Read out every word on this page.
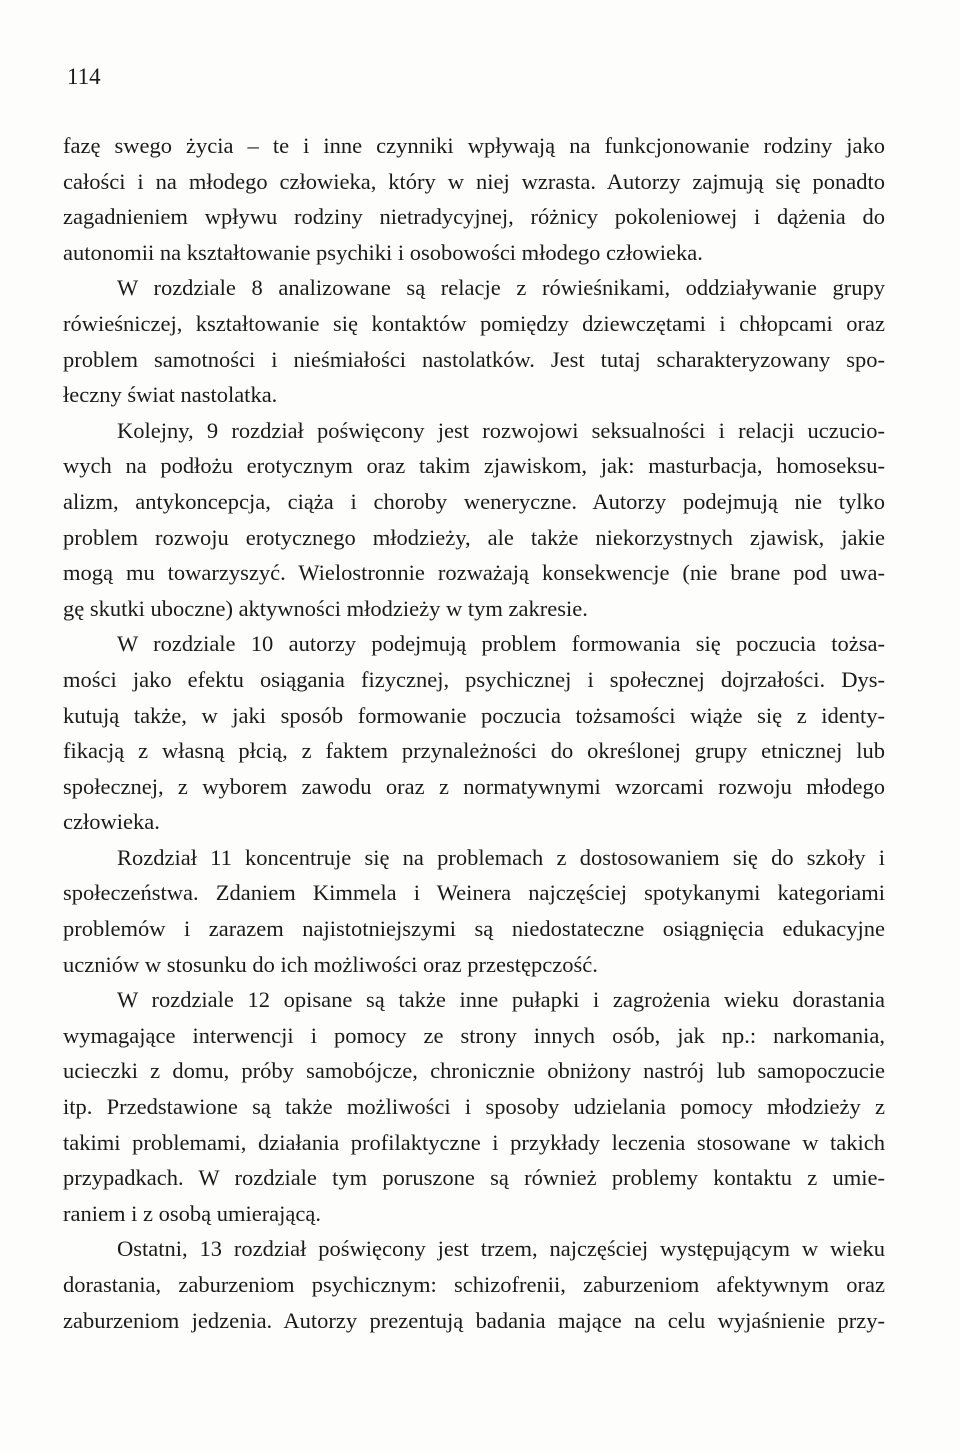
114
fazę swego życia – te i inne czynniki wpływają na funkcjonowanie rodziny jako
całości i na młodego człowieka, który w niej wzrasta. Autorzy zajmują się ponadto
zagadnieniem wpływu rodziny nietradycyjnej, różnicy pokoleniowej i dążenia do
autonomii na kształtowanie psychiki i osobowości młodego człowieka.
W rozdziale 8 analizowane są relacje z rówieśnikami, oddziaływanie grupy
rówieśniczej, kształtowanie się kontaktów pomiędzy dziewczętami i chłopcami oraz
problem samotności i nieśmiałości nastolatków. Jest tutaj scharakteryzowany spo-
łeczny świat nastolatka.
Kolejny, 9 rozdział poświęcony jest rozwojowi seksualności i relacji uczucio-
wych na podłożu erotycznym oraz takim zjawiskom, jak: masturbacja, homoseksu-
alizm, antykoncepcja, ciąża i choroby weneryczne. Autorzy podejmują nie tylko
problem rozwoju erotycznego młodzieży, ale także niekorzystnych zjawisk, jakie
mogą mu towarzyszyć. Wielostronnie rozważają konsekwencje (nie brane pod uwa-
gę skutki uboczne) aktywności młodzieży w tym zakresie.
W rozdziale 10 autorzy podejmują problem formowania się poczucia tożsa-
mości jako efektu osiągania fizycznej, psychicznej i społecznej dojrzałości. Dys-
kutują także, w jaki sposób formowanie poczucia tożsamości wiąże się z identy-
fikacją z własną płcią, z faktem przynależności do określonej grupy etnicznej lub
społecznej, z wyborem zawodu oraz z normatywnymi wzorcami rozwoju młodego
człowieka.
Rozdział 11 koncentruje się na problemach z dostosowaniem się do szkoły i
społeczeństwa. Zdaniem Kimmela i Weinera najczęściej spotykanymi kategoriami
problemów i zarazem najistotniejszymi są niedostateczne osiągnięcia edukacyjne
uczniów w stosunku do ich możliwości oraz przestępczość.
W rozdziale 12 opisane są także inne pułapki i zagrożenia wieku dorastania
wymagające interwencji i pomocy ze strony innych osób, jak np.: narkomania,
ucieczki z domu, próby samobójcze, chronicznie obniżony nastrój lub samopoczucie
itp. Przedstawione są także możliwości i sposoby udzielania pomocy młodzieży z
takimi problemami, działania profilaktyczne i przykłady leczenia stosowane w takich
przypadkach. W rozdziale tym poruszone są również problemy kontaktu z umie-
raniem i z osobą umierającą.
Ostatni, 13 rozdział poświęcony jest trzem, najczęściej występującym w wieku
dorastania, zaburzeniom psychicznym: schizofrenii, zaburzeniom afektywnym oraz
zaburzeniom jedzenia. Autorzy prezentują badania mające na celu wyjaśnienie przy-
